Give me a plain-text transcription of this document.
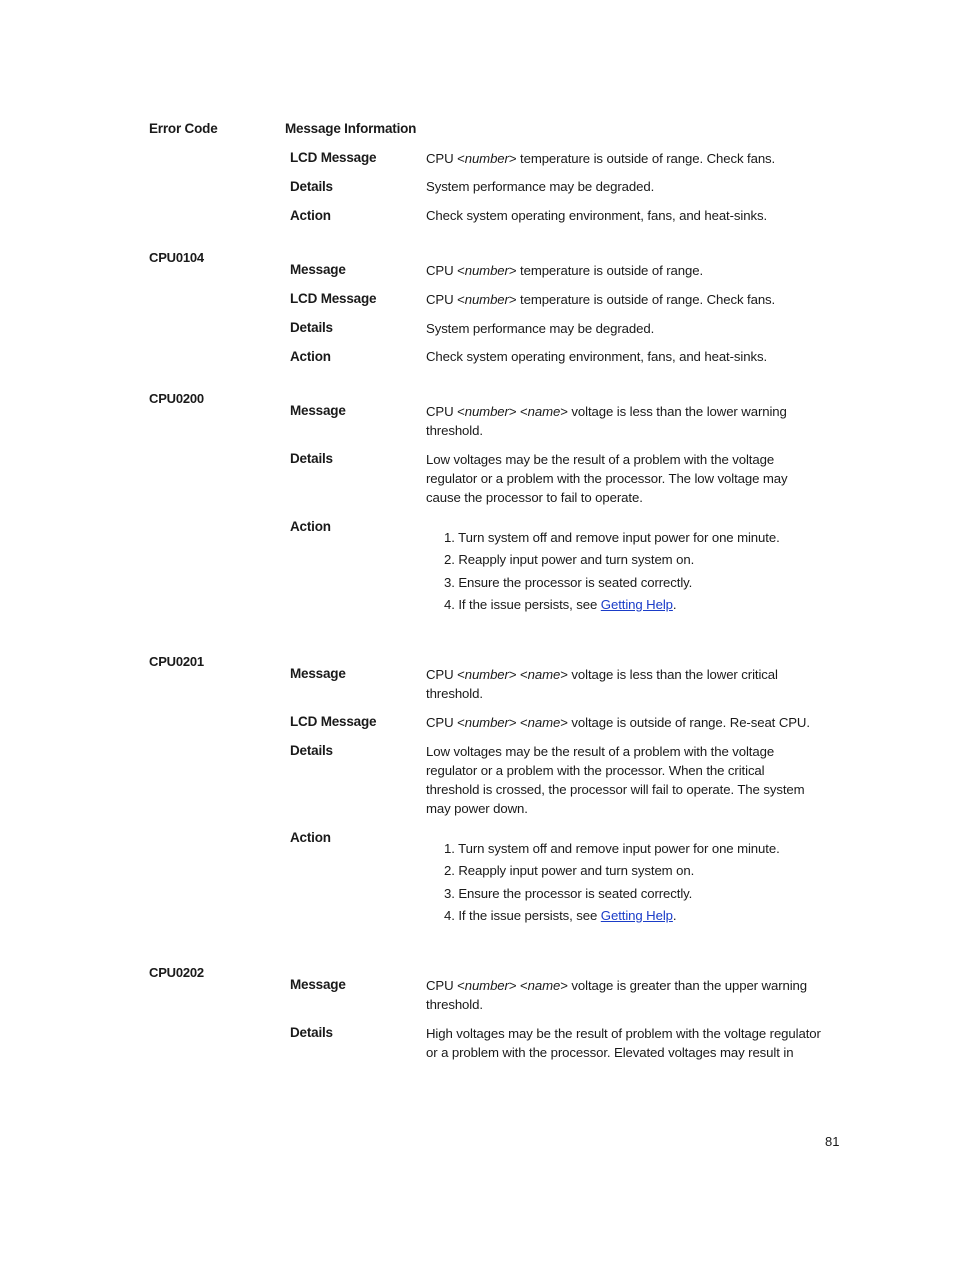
Error Code	Message Information
LCD Message	CPU <number> temperature is outside of range. Check fans.
Details	System performance may be degraded.
Action	Check system operating environment, fans, and heat-sinks.
CPU0104
Message	CPU <number> temperature is outside of range.
LCD Message	CPU <number> temperature is outside of range. Check fans.
Details	System performance may be degraded.
Action	Check system operating environment, fans, and heat-sinks.
CPU0200
Message	CPU <number> <name> voltage is less than the lower warning threshold.
Details	Low voltages may be the result of a problem with the voltage regulator or a problem with the processor. The low voltage may cause the processor to fail to operate.
Action
1. Turn system off and remove input power for one minute.
2. Reapply input power and turn system on.
3. Ensure the processor is seated correctly.
4. If the issue persists, see Getting Help.
CPU0201
Message	CPU <number> <name> voltage is less than the lower critical threshold.
LCD Message	CPU <number> <name> voltage is outside of range. Re-seat CPU.
Details	Low voltages may be the result of a problem with the voltage regulator or a problem with the processor. When the critical threshold is crossed, the processor will fail to operate. The system may power down.
Action
1. Turn system off and remove input power for one minute.
2. Reapply input power and turn system on.
3. Ensure the processor is seated correctly.
4. If the issue persists, see Getting Help.
CPU0202
Message	CPU <number> <name> voltage is greater than the upper warning threshold.
Details	High voltages may be the result of problem with the voltage regulator or a problem with the processor. Elevated voltages may result in
81
